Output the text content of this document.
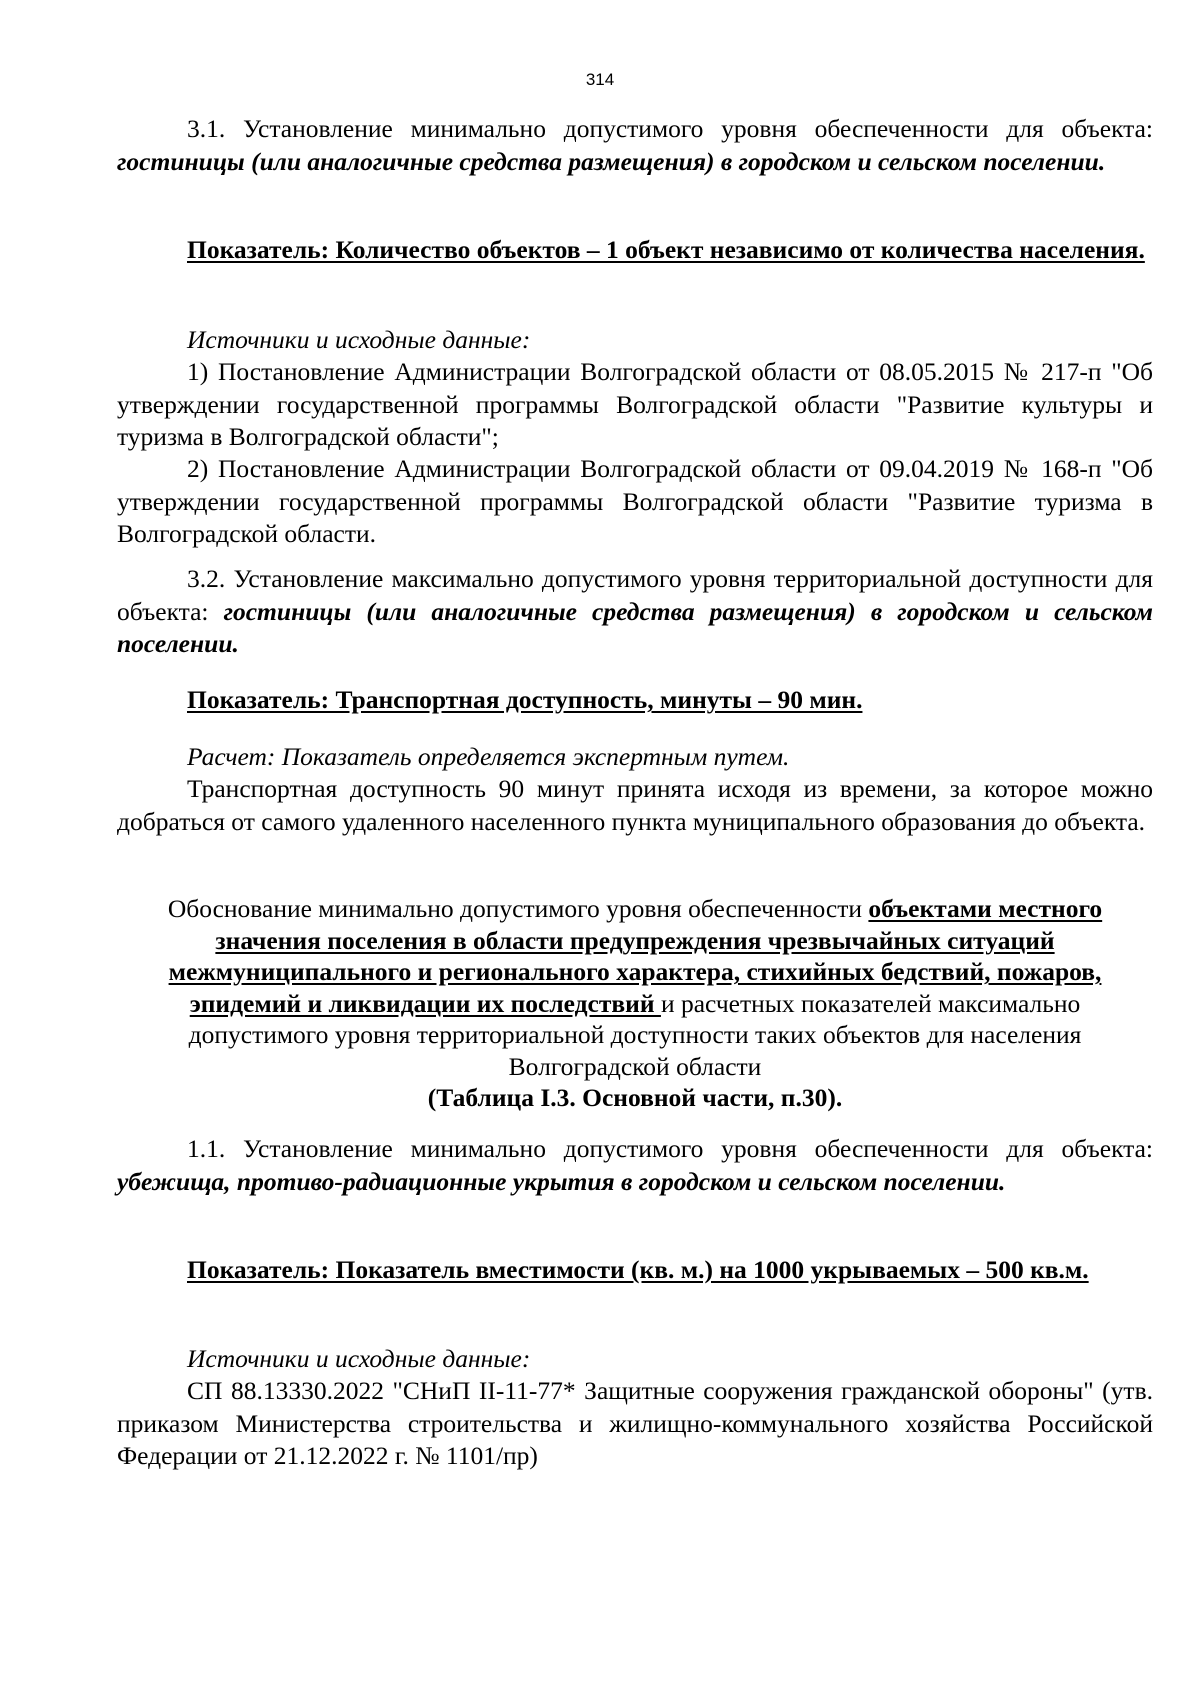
314

3.1. Установление минимально допустимого уровня обеспеченности для объекта: гостиницы (или аналогичные средства размещения) в городском и сельском поселении.

Показатель: Количество объектов – 1 объект независимо от количества населения.

Источники и исходные данные:

1) Постановление Администрации Волгоградской области от 08.05.2015 № 217-п "Об утверждении государственной программы Волгоградской области "Развитие культуры и туризма в Волгоградской области";

2) Постановление Администрации Волгоградской области от 09.04.2019 № 168-п "Об утверждении государственной программы Волгоградской области "Развитие туризма в Волгоградской области.

3.2. Установление максимально допустимого уровня территориальной доступности для объекта: гостиницы (или аналогичные средства размещения) в городском и сельском поселении.

Показатель: Транспортная доступность, минуты – 90 мин.

Расчет: Показатель определяется экспертным путем.

Транспортная доступность 90 минут принята исходя из времени, за которое можно добраться от самого удаленного населенного пункта муниципального образования до объекта.

Обоснование минимально допустимого уровня обеспеченности объектами местного значения поселения в области предупреждения чрезвычайных ситуаций межмуниципального и регионального характера, стихийных бедствий, пожаров, эпидемий и ликвидации их последствий и расчетных показателей максимально допустимого уровня территориальной доступности таких объектов для населения Волгоградской области
(Таблица I.3. Основной части, п.30).

1.1. Установление минимально допустимого уровня обеспеченности для объекта: убежища, противо-радиационные укрытия в городском и сельском поселении.

Показатель: Показатель вместимости (кв. м.) на 1000 укрываемых – 500 кв.м.

Источники и исходные данные:

СП 88.13330.2022 "СНиП II-11-77* Защитные сооружения гражданской обороны" (утв. приказом Министерства строительства и жилищно-коммунального хозяйства Российской Федерации от 21.12.2022 г. № 1101/пр)
